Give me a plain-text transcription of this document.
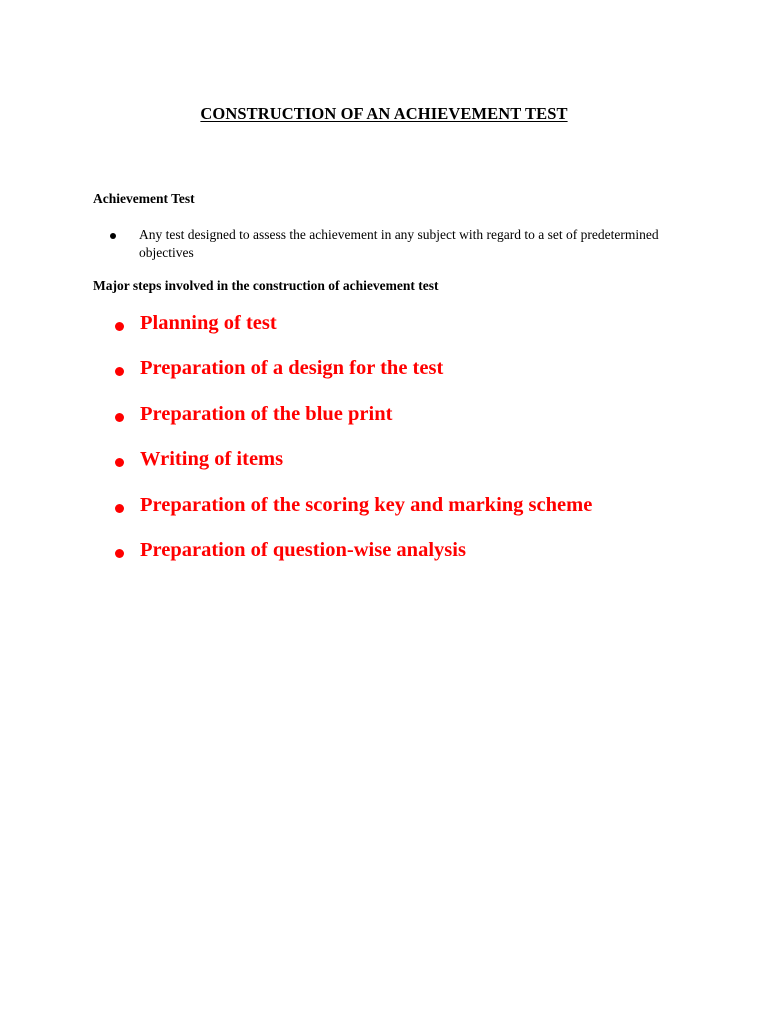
CONSTRUCTION OF AN ACHIEVEMENT TEST
Achievement Test
Any test designed to assess the achievement in any subject with regard to a set of predetermined objectives
Major steps involved in the construction of achievement test
Planning of test
Preparation of a design for the test
Preparation of the blue print
Writing of items
Preparation of the scoring key and marking scheme
Preparation of question-wise analysis
